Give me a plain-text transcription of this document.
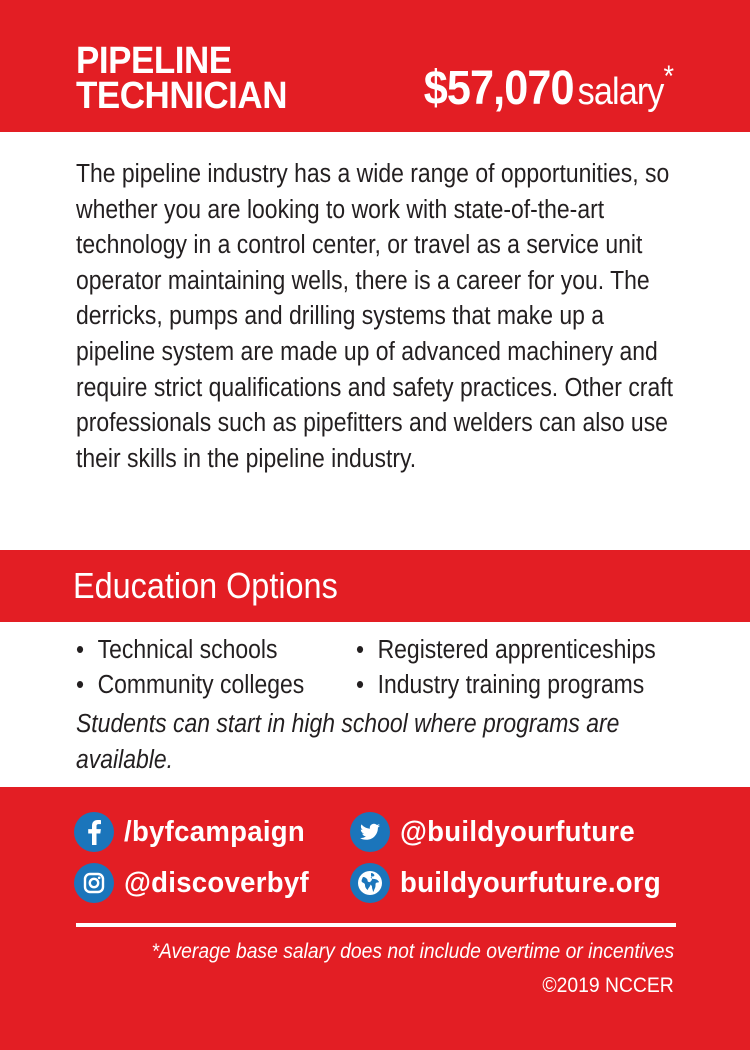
PIPELINE
TECHNICIAN	$57,070 salary*

The pipeline industry has a wide range of opportunities, so whether you are looking to work with state-of-the-art technology in a control center, or travel as a service unit operator maintaining wells, there is a career for you. The derricks, pumps and drilling systems that make up a pipeline system are made up of advanced machinery and require strict qualifications and safety practices. Other craft professionals such as pipefitters and welders can also use their skills in the pipeline industry.

Education Options
• Technical schools
• Community colleges
• Registered apprenticeships
• Industry training programs

Students can start in high school where programs are available.

/byfcampaign	@buildyourfuture
@discoverbyf	buildyourfuture.org
*Average base salary does not include overtime or incentives
©2019 NCCER
